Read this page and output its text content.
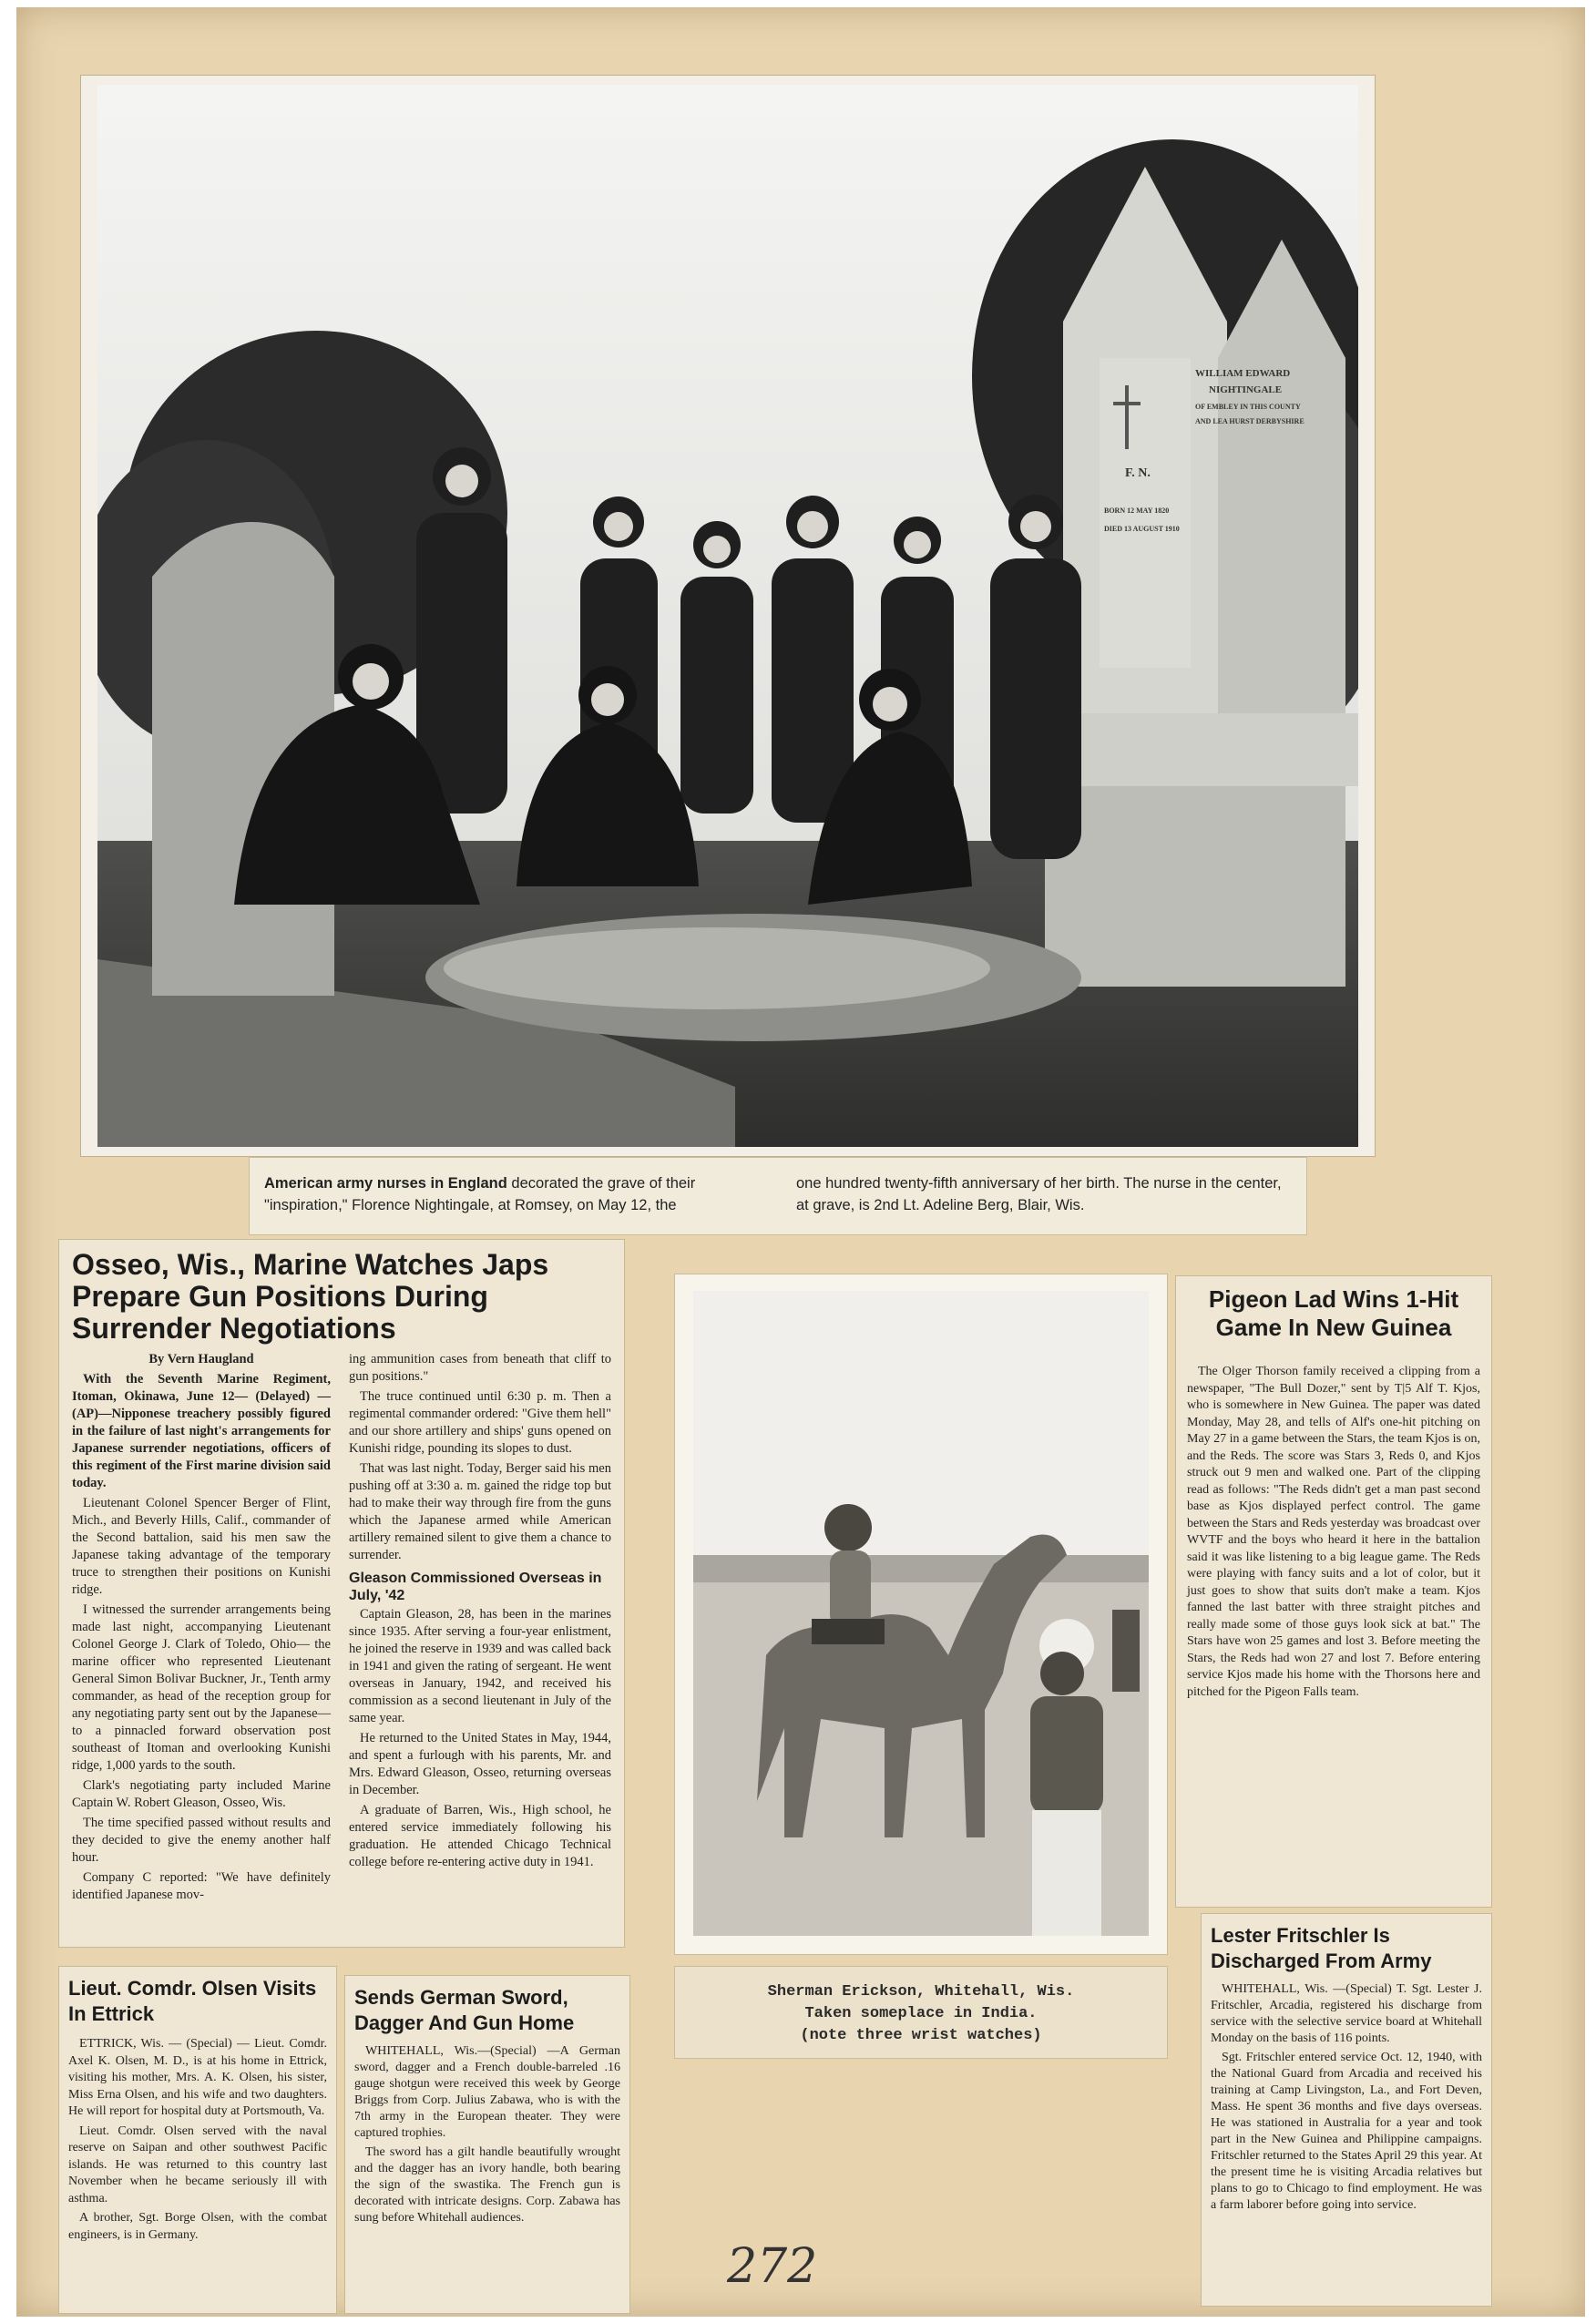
WILLIAM EDWARD
NIGHTINGALE
OF EMBLEY IN THIS COUNTY
AND LEA HURST DERBYSHIRE
F. N.
BORN 12 MAY 1820
DIED 13 AUGUST 1910
American army nurses in England decorated the grave of their "inspiration," Florence Nightingale, at Romsey, on May 12, the
one hundred twenty-fifth anniversary of her birth. The nurse in the center, at grave, is 2nd Lt. Adeline Berg, Blair, Wis.
Osseo, Wis., Marine Watches Japs Prepare Gun Positions During Surrender Negotiations
By Vern Haugland

With the Seventh Marine Regiment, Itoman, Okinawa, June 12— (Delayed) —(AP)—Nipponese treachery possibly figured in the failure of last night's arrangements for Japanese surrender negotiations, officers of this regiment of the First marine division said today.

Lieutenant Colonel Spencer Berger of Flint, Mich., and Beverly Hills, Calif., commander of the Second battalion, said his men saw the Japanese taking advantage of the temporary truce to strengthen their positions on Kunishi ridge.

I witnessed the surrender arrangements being made last night, accompanying Lieutenant Colonel George J. Clark of Toledo, Ohio— the marine officer who represented Lieutenant General Simon Bolivar Buckner, Jr., Tenth army commander, as head of the reception group for any negotiating party sent out by the Japanese—to a pinnacled forward observation post southeast of Itoman and overlooking Kunishi ridge, 1,000 yards to the south.

Clark's negotiating party included Marine Captain W. Robert Gleason, Osseo, Wis.

The time specified passed without results and they decided to give the enemy another half hour.

Company C reported: "We have definitely identified Japanese mov-

ing ammunition cases from beneath that cliff to gun positions."

The truce continued until 6:30 p. m. Then a regimental commander ordered: "Give them hell" and our shore artillery and ships' guns opened on Kunishi ridge, pounding its slopes to dust.

That was last night. Today, Berger said his men pushing off at 3:30 a. m. gained the ridge top but had to make their way through fire from the guns which the Japanese armed while American artillery remained silent to give them a chance to surrender.

Gleason Commissioned Overseas in July, '42

Captain Gleason, 28, has been in the marines since 1935. After serving a four-year enlistment, he joined the reserve in 1939 and was called back in 1941 and given the rating of sergeant. He went overseas in January, 1942, and received his commission as a second lieutenant in July of the same year.

He returned to the United States in May, 1944, and spent a furlough with his parents, Mr. and Mrs. Edward Gleason, Osseo, returning overseas in December.

A graduate of Barren, Wis., High school, he entered service immediately following his graduation. He attended Chicago Technical college before re-entering active duty in 1941.

Sherman Erickson, Whitehall, Wis.
Taken someplace in India.
(note three wrist watches)
Pigeon Lad Wins 1-Hit Game In New Guinea

The Olger Thorson family received a clipping from a newspaper, "The Bull Dozer," sent by T|5 Alf T. Kjos, who is somewhere in New Guinea. The paper was dated Monday, May 28, and tells of Alf's one-hit pitching on May 27 in a game between the Stars, the team Kjos is on, and the Reds. The score was Stars 3, Reds 0, and Kjos struck out 9 men and walked one. Part of the clipping read as follows: "The Reds didn't get a man past second base as Kjos displayed perfect control. The game between the Stars and Reds yesterday was broadcast over WVTF and the boys who heard it here in the battalion said it was like listening to a big league game. The Reds were playing with fancy suits and a lot of color, but it just goes to show that suits don't make a team. Kjos fanned the last batter with three straight pitches and really made some of those guys look sick at bat." The Stars have won 25 games and lost 3. Before meeting the Stars, the Reds had won 27 and lost 7. Before entering service Kjos made his home with the Thorsons here and pitched for the Pigeon Falls team.

Lieut. Comdr. Olsen Visits In Ettrick

ETTRICK, Wis. — (Special) — Lieut. Comdr. Axel K. Olsen, M. D., is at his home in Ettrick, visiting his mother, Mrs. A. K. Olsen, his sister, Miss Erna Olsen, and his wife and two daughters. He will report for hospital duty at Portsmouth, Va.

Lieut. Comdr. Olsen served with the naval reserve on Saipan and other southwest Pacific islands. He was returned to this country last November when he became seriously ill with asthma.

A brother, Sgt. Borge Olsen, with the combat engineers, is in Germany.

Sends German Sword, Dagger And Gun Home

WHITEHALL, Wis.—(Special) —A German sword, dagger and a French double-barreled .16 gauge shotgun were received this week by George Briggs from Corp. Julius Zabawa, who is with the 7th army in the European theater. They were captured trophies.

The sword has a gilt handle beautifully wrought and the dagger has an ivory handle, both bearing the sign of the swastika. The French gun is decorated with intricate designs. Corp. Zabawa has sung before Whitehall audiences.

Lester Fritschler Is Discharged From Army

WHITEHALL, Wis. —(Special) T. Sgt. Lester J. Fritschler, Arcadia, registered his discharge from service with the selective service board at Whitehall Monday on the basis of 116 points.

Sgt. Fritschler entered service Oct. 12, 1940, with the National Guard from Arcadia and received his training at Camp Livingston, La., and Fort Deven, Mass. He spent 36 months and five days overseas. He was stationed in Australia for a year and took part in the New Guinea and Philippine campaigns. Fritschler returned to the States April 29 this year. At the present time he is visiting Arcadia relatives but plans to go to Chicago to find employment. He was a farm laborer before going into service.

272
